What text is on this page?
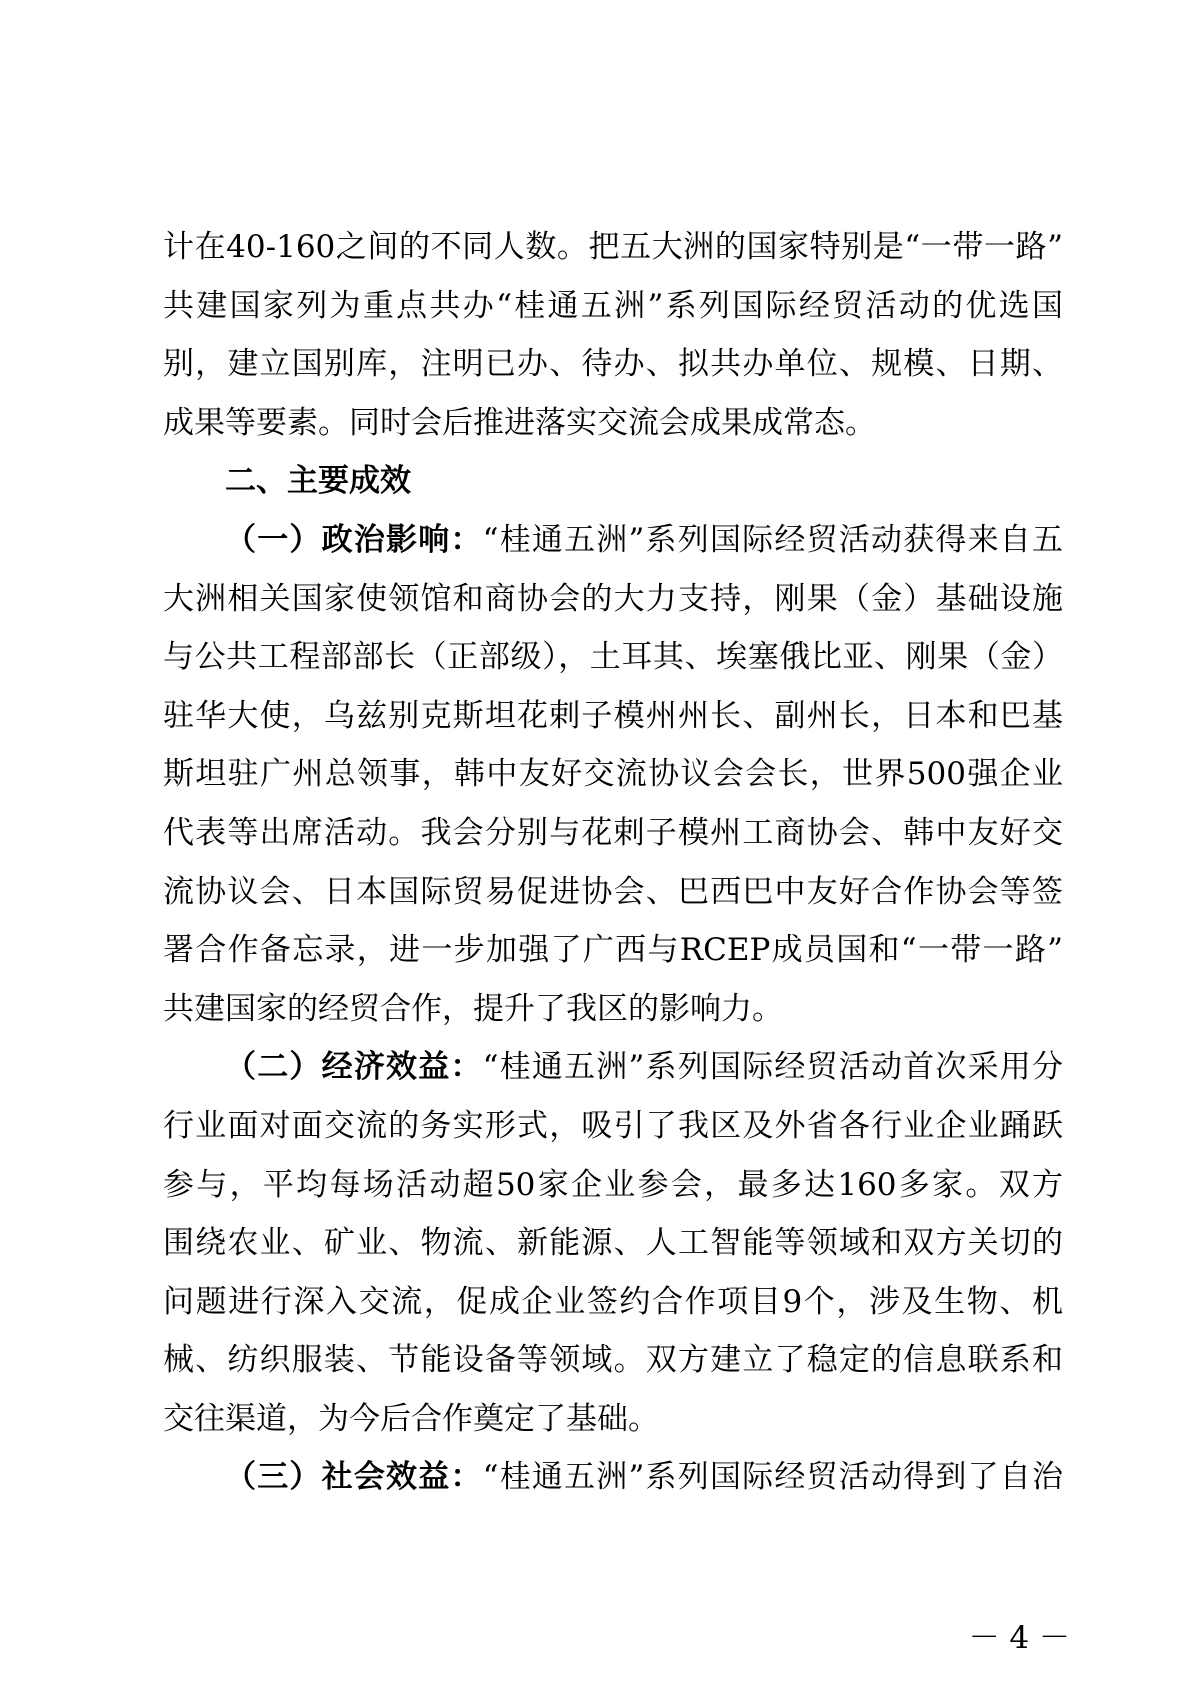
计在40-160之间的不同人数。把五大洲的国家特别是“一带一路”
共建国家列为重点共办“桂通五洲”系列国际经贸活动的优选国
别，建立国别库，注明已办、待办、拟共办单位、规模、日期、
成果等要素。同时会后推进落实交流会成果成常态。
二、主要成效
（一）政治影响：“桂通五洲”系列国际经贸活动获得来自五
大洲相关国家使领馆和商协会的大力支持，刚果（金）基础设施
与公共工程部部长（正部级），土耳其、埃塞俄比亚、刚果（金）
驻华大使，乌兹别克斯坦花剌子模州州长、副州长，日本和巴基
斯坦驻广州总领事，韩中友好交流协议会会长，世界500强企业
代表等出席活动。我会分别与花剌子模州工商协会、韩中友好交
流协议会、日本国际贸易促进协会、巴西巴中友好合作协会等签
署合作备忘录，进一步加强了广西与RCEP成员国和“一带一路”
共建国家的经贸合作，提升了我区的影响力。
（二）经济效益：“桂通五洲”系列国际经贸活动首次采用分
行业面对面交流的务实形式，吸引了我区及外省各行业企业踊跃
参与，平均每场活动超50家企业参会，最多达160多家。双方
围绕农业、矿业、物流、新能源、人工智能等领域和双方关切的
问题进行深入交流，促成企业签约合作项目9个，涉及生物、机
械、纺织服装、节能设备等领域。双方建立了稳定的信息联系和
交往渠道，为今后合作奠定了基础。
（三）社会效益：“桂通五洲”系列国际经贸活动得到了自治
－ 4 －
